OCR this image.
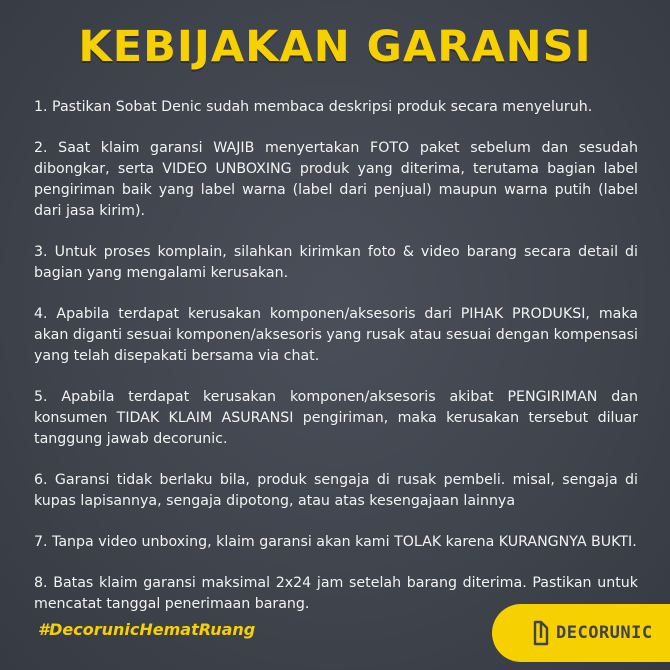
KEBIJAKAN GARANSI
1. Pastikan Sobat Denic sudah membaca deskripsi produk secara menyeluruh.
2. Saat klaim garansi WAJIB menyertakan FOTO paket sebelum dan sesudah dibongkar, serta VIDEO UNBOXING produk yang diterima, terutama bagian label pengiriman baik yang label warna (label dari penjual) maupun warna putih (label dari jasa kirim).
3. Untuk proses komplain, silahkan kirimkan foto & video barang secara detail di bagian yang mengalami kerusakan.
4. Apabila terdapat kerusakan komponen/aksesoris dari PIHAK PRODUKSI, maka akan diganti sesuai komponen/aksesoris yang rusak atau sesuai dengan kompensasi yang telah disepakati bersama via chat.
5. Apabila terdapat kerusakan komponen/aksesoris akibat PENGIRIMAN dan konsumen TIDAK KLAIM ASURANSI pengiriman, maka kerusakan tersebut diluar tanggung jawab decorunic.
6. Garansi tidak berlaku bila, produk sengaja di rusak pembeli. misal, sengaja di kupas lapisannya, sengaja dipotong, atau atas kesengajaan lainnya
7. Tanpa video unboxing, klaim garansi akan kami TOLAK karena KURANGNYA BUKTI.
8. Batas klaim garansi maksimal 2x24 jam setelah barang diterima. Pastikan untuk mencatat tanggal penerimaan barang.
#DecorunicHematRuang	DECORUNIC
